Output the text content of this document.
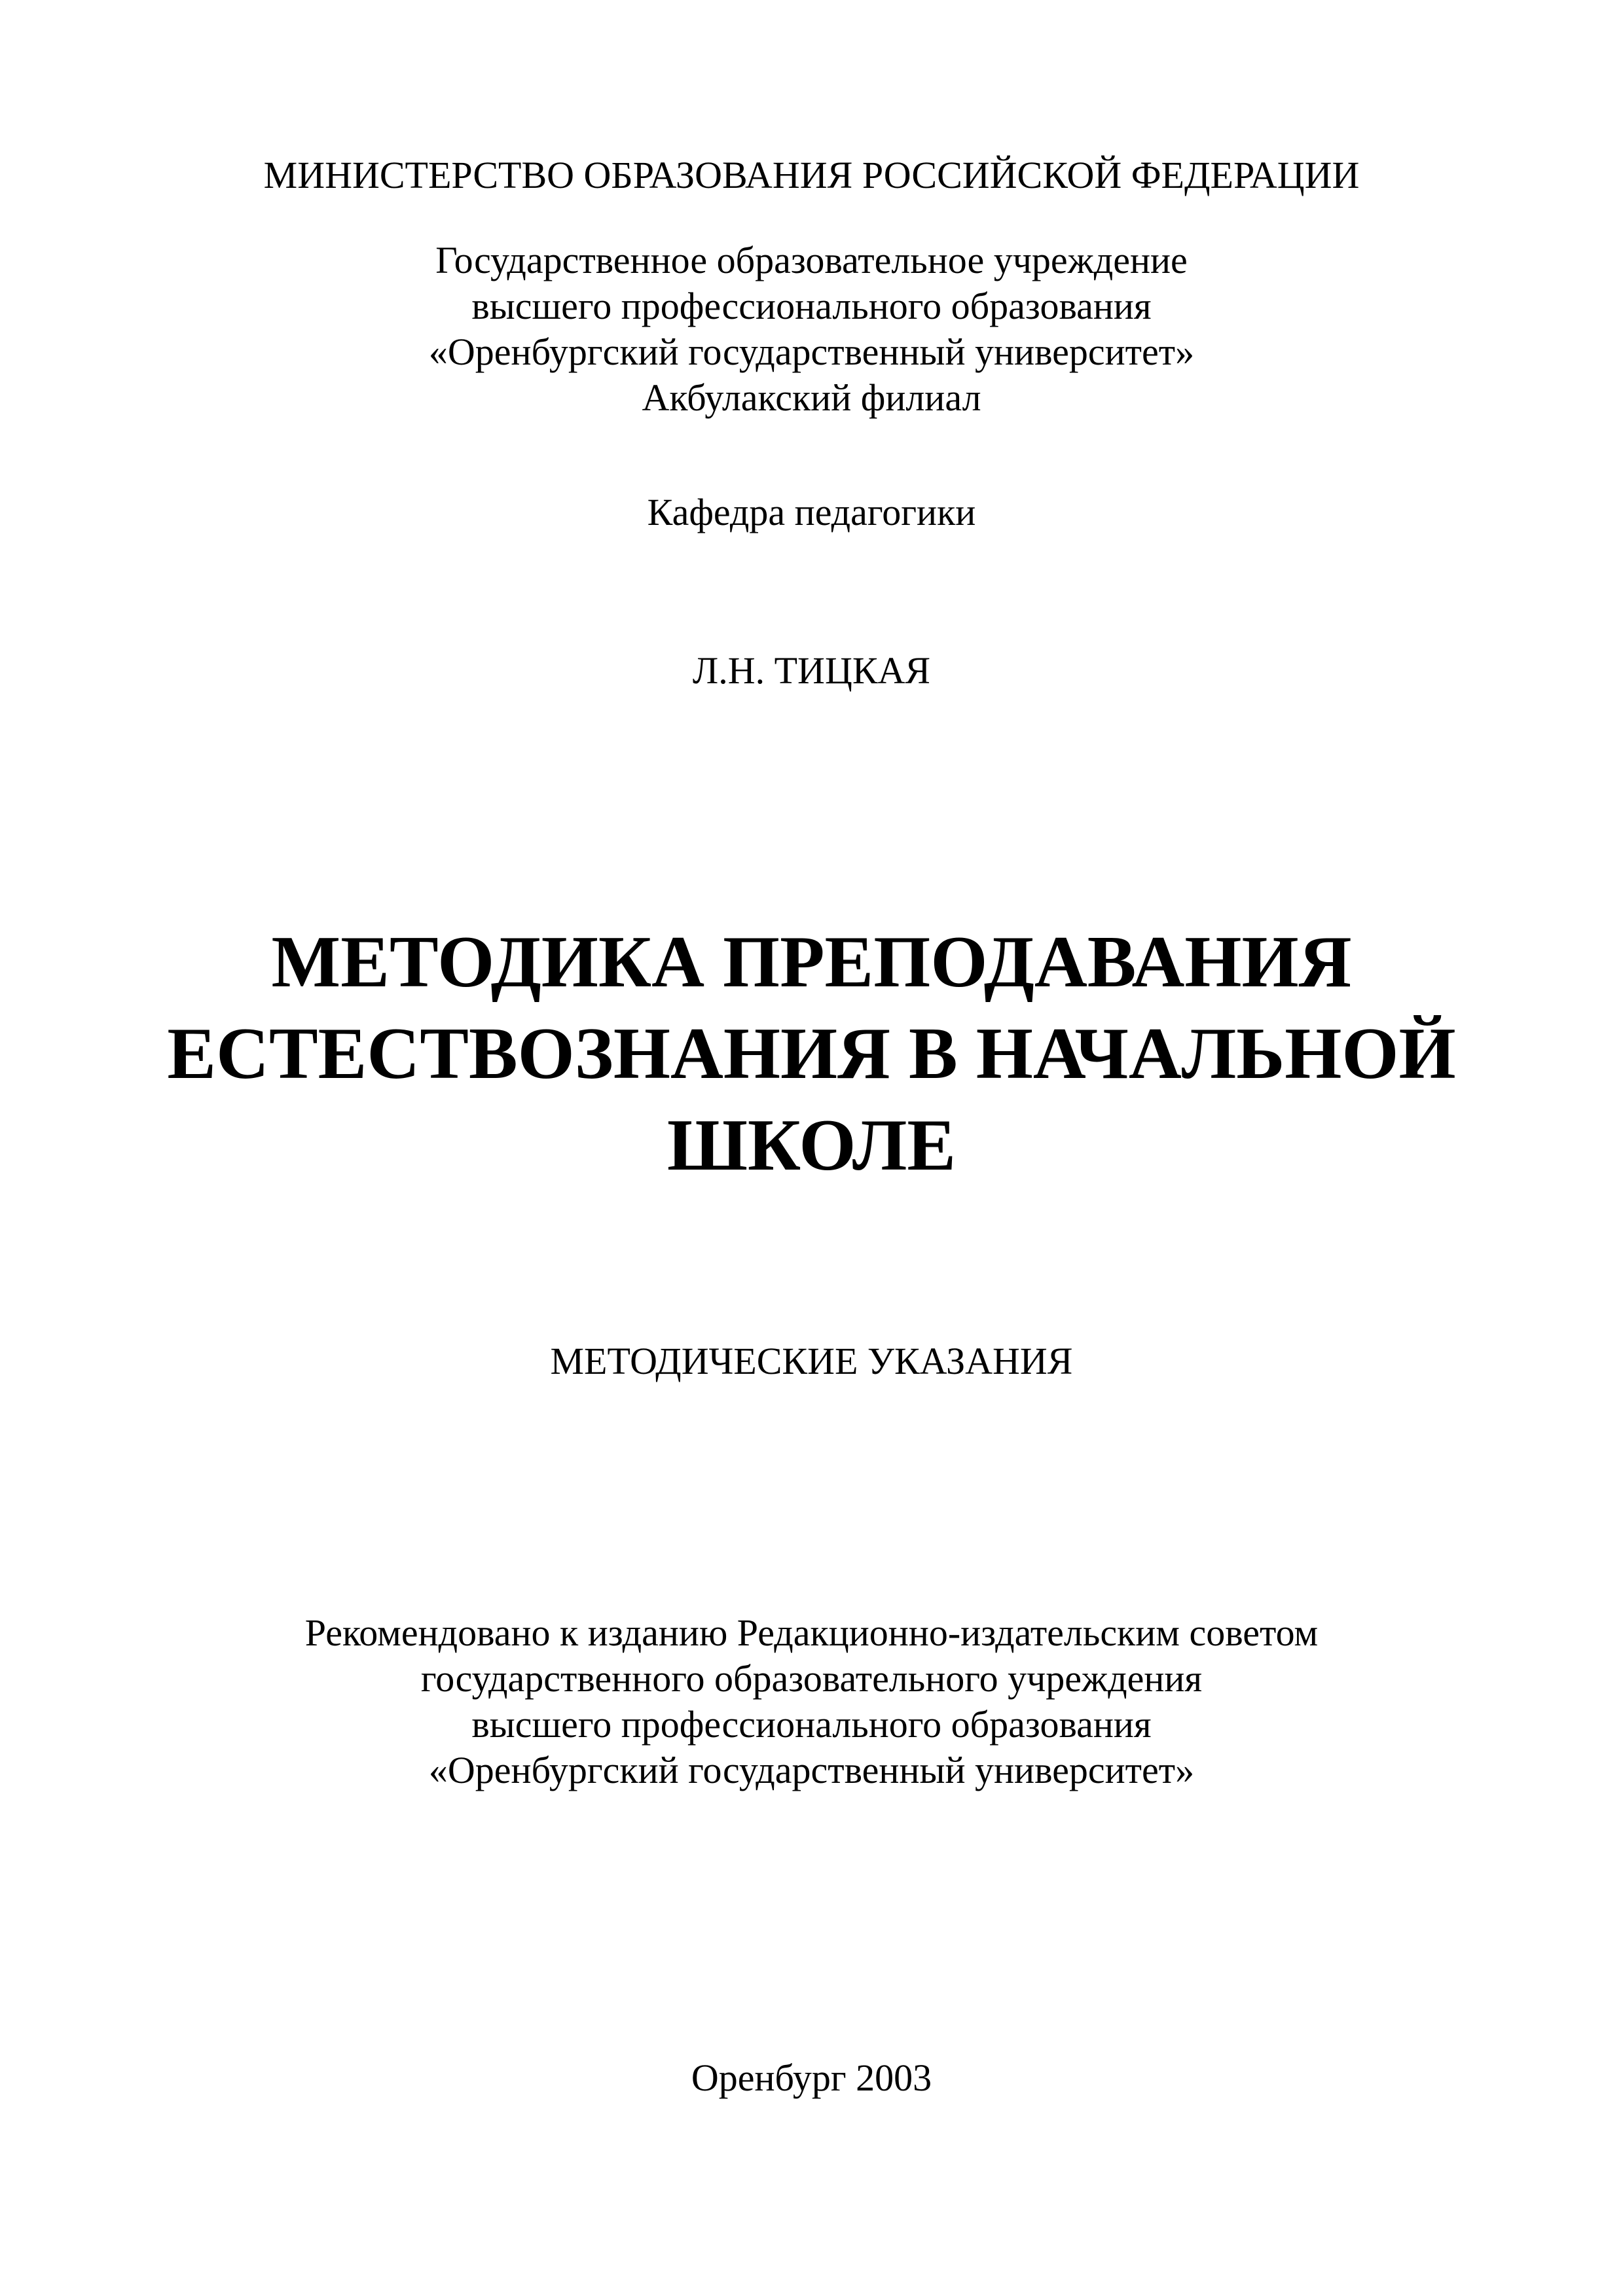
МИНИСТЕРСТВО ОБРАЗОВАНИЯ РОССИЙСКОЙ ФЕДЕРАЦИИ
Государственное образовательное учреждение
высшего профессионального образования
«Оренбургский государственный университет»
Акбулакский филиал
Кафедра педагогики
Л.Н. ТИЦКАЯ
МЕТОДИКА ПРЕПОДАВАНИЯ
ЕСТЕСТВОЗНАНИЯ В НАЧАЛЬНОЙ
ШКОЛЕ
МЕТОДИЧЕСКИЕ УКАЗАНИЯ
Рекомендовано к изданию Редакционно-издательским советом
государственного образовательного учреждения
высшего профессионального образования
«Оренбургский государственный университет»
Оренбург 2003
